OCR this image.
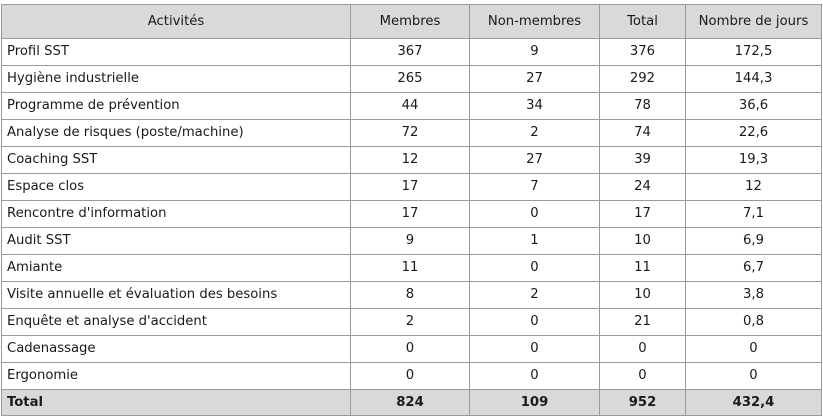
Activités	Membres	Non-membres	Total	Nombre de jours
Profil SST	367	9	376	172,5
Hygiène industrielle	265	27	292	144,3
Programme de prévention	44	34	78	36,6
Analyse de risques (poste/machine)	72	2	74	22,6
Coaching SST	12	27	39	19,3
Espace clos	17	7	24	12
Rencontre d'information	17	0	17	7,1
Audit SST	9	1	10	6,9
Amiante	11	0	11	6,7
Visite annuelle et évaluation des besoins	8	2	10	3,8
Enquête et analyse d'accident	2	0	21	0,8
Cadenassage	0	0	0	0
Ergonomie	0	0	0	0
Total	824	109	952	432,4
